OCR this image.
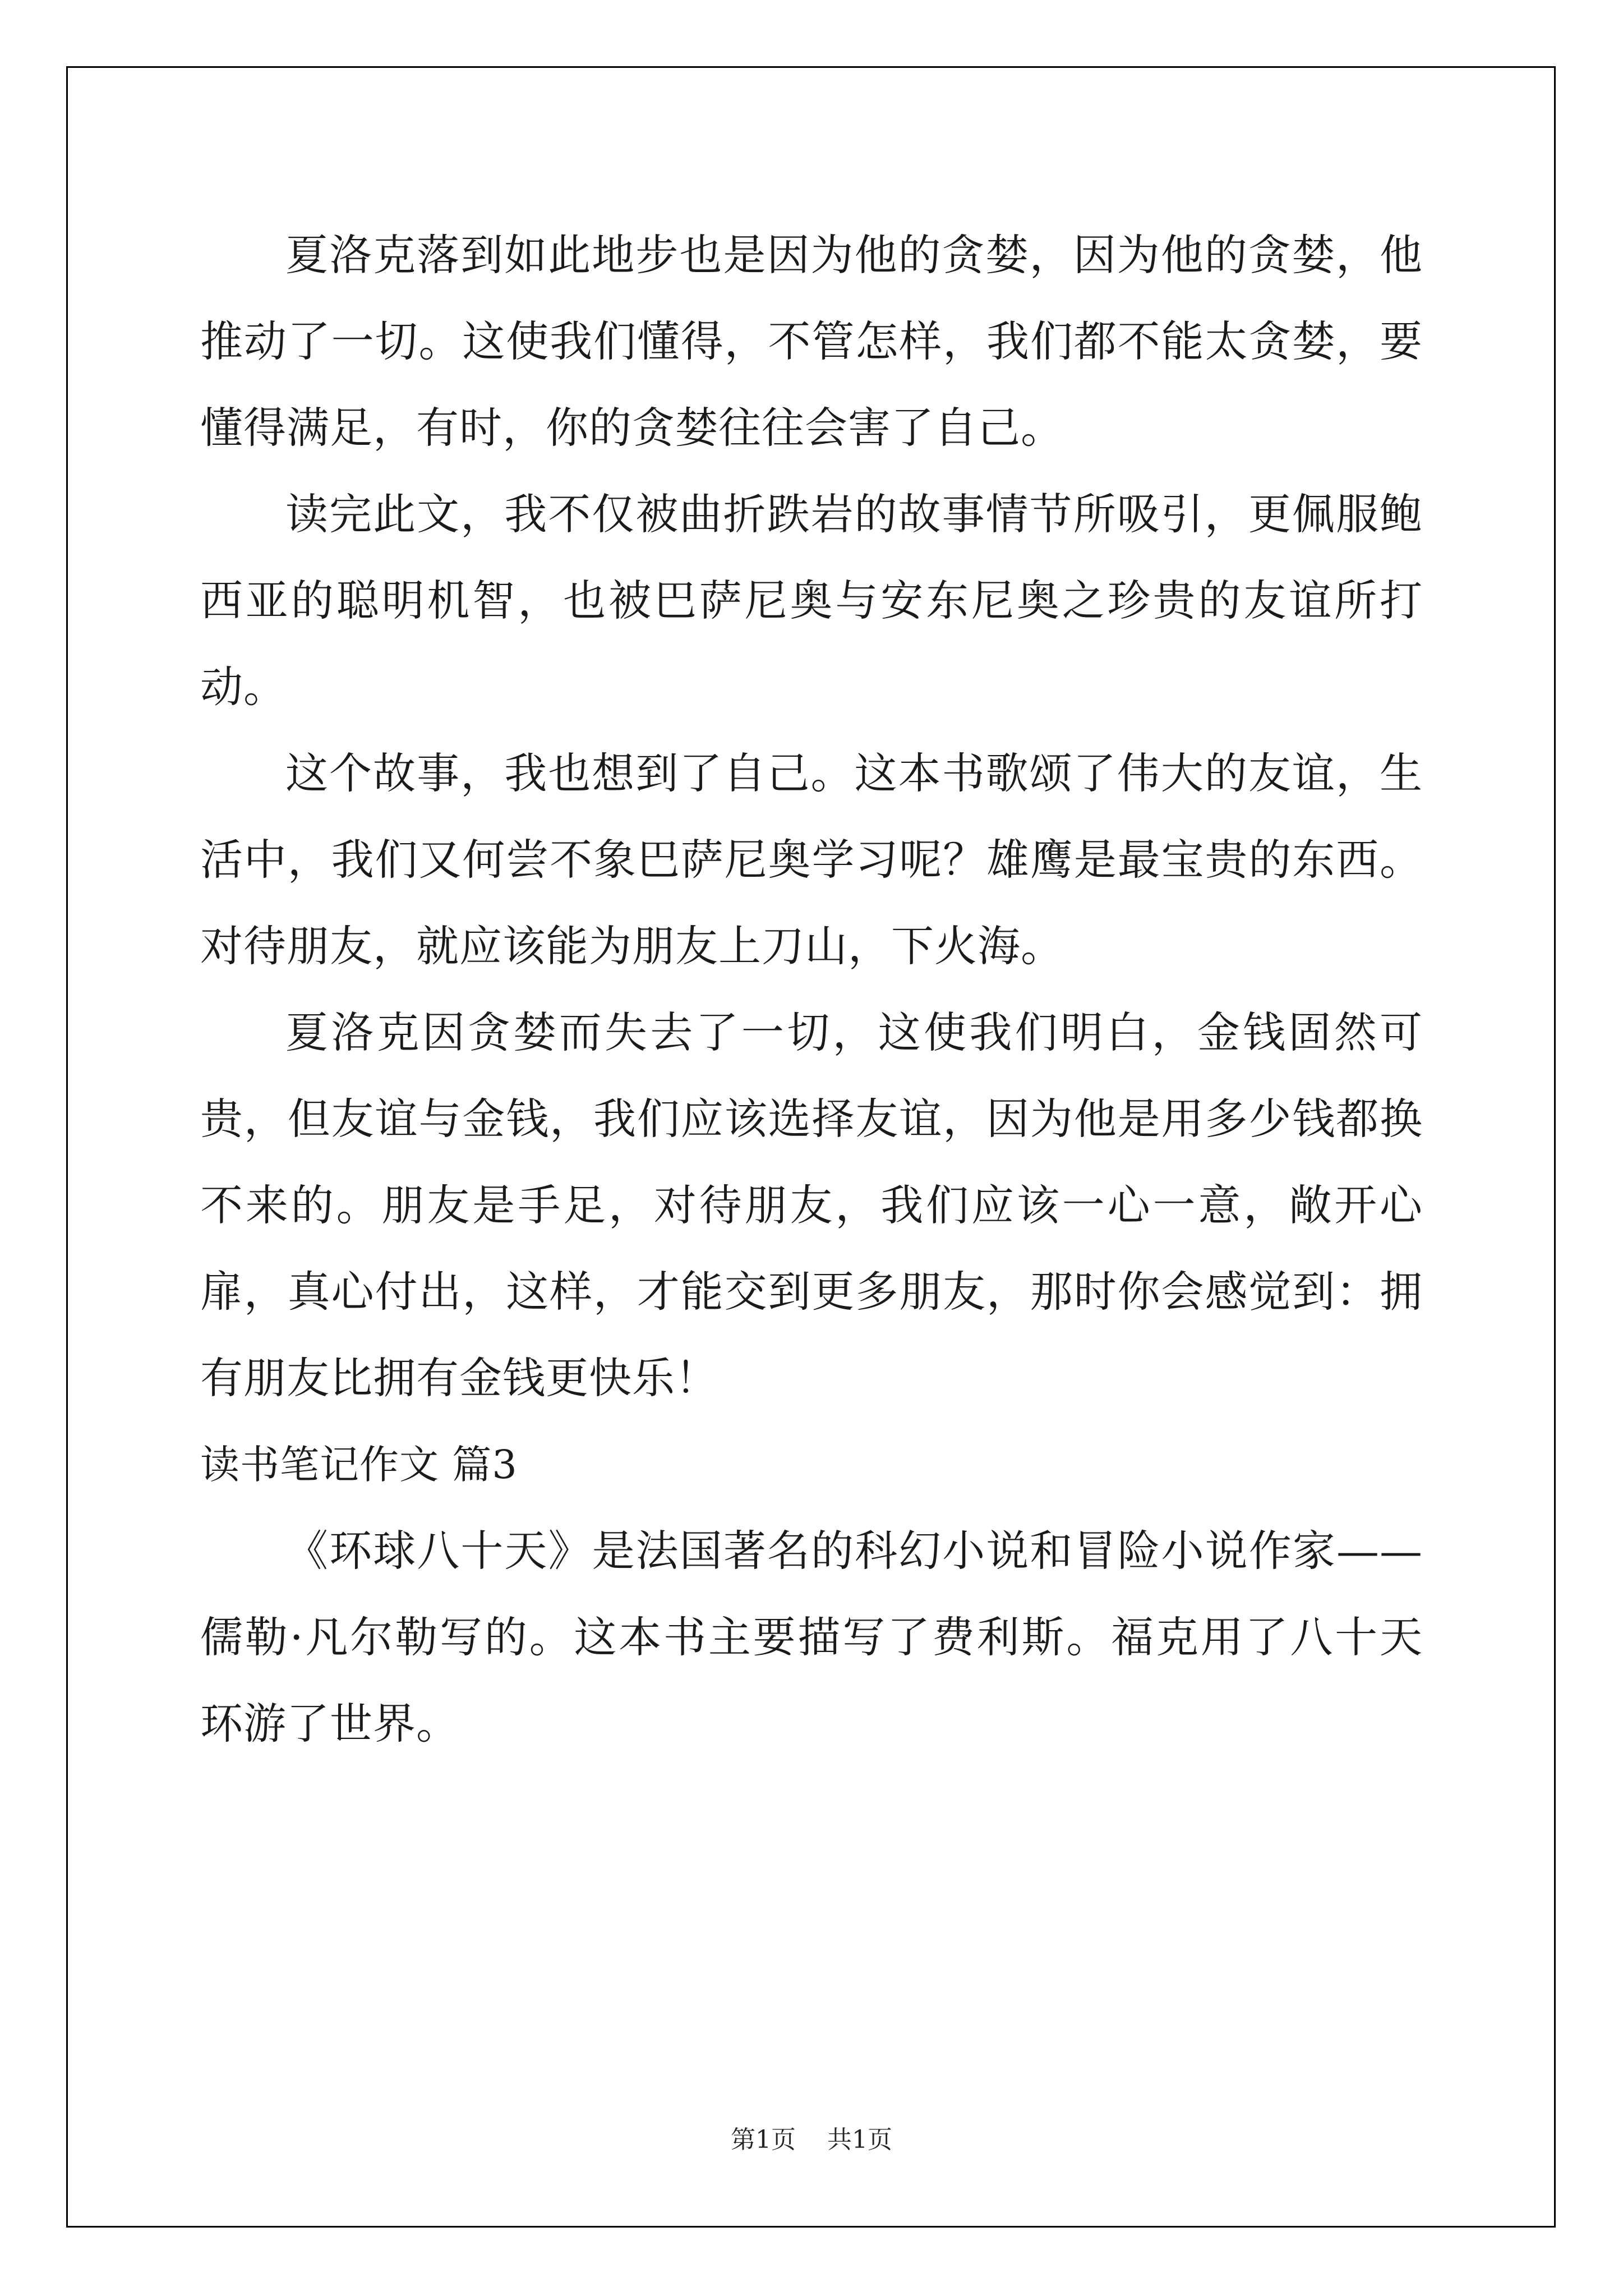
夏洛克落到如此地步也是因为他的贪婪，因为他的贪婪，他推动了一切。这使我们懂得，不管怎样，我们都不能太贪婪，要懂得满足，有时，你的贪婪往往会害了自己。

读完此文，我不仅被曲折跌岩的故事情节所吸引，更佩服鲍西亚的聪明机智，也被巴萨尼奥与安东尼奥之珍贵的友谊所打动。

这个故事，我也想到了自己。这本书歌颂了伟大的友谊，生活中，我们又何尝不象巴萨尼奥学习呢？雄鹰是最宝贵的东西。对待朋友，就应该能为朋友上刀山，下火海。

夏洛克因贪婪而失去了一切，这使我们明白，金钱固然可贵，但友谊与金钱，我们应该选择友谊，因为他是用多少钱都换不来的。朋友是手足，对待朋友，我们应该一心一意，敞开心扉，真心付出，这样，才能交到更多朋友，那时你会感觉到：拥有朋友比拥有金钱更快乐！

读书笔记作文 篇3

《环球八十天》是法国著名的科幻小说和冒险小说作家——儒勒·凡尔勒写的。这本书主要描写了费利斯。福克用了八十天环游了世界。

第1页 共1页
